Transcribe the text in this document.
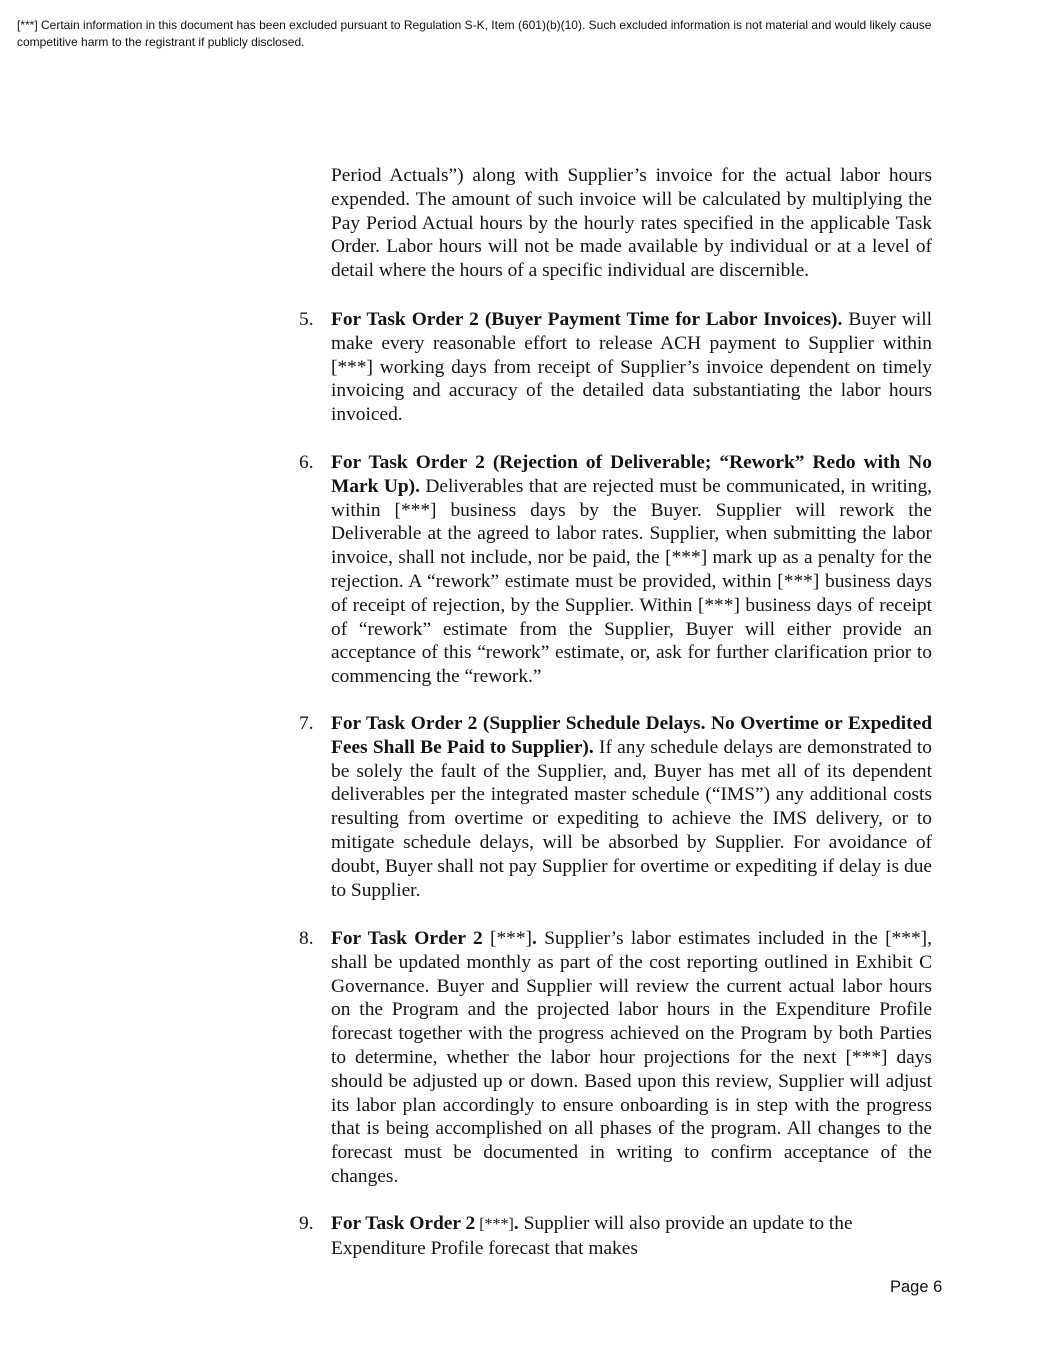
[***] Certain information in this document has been excluded pursuant to Regulation S-K, Item (601)(b)(10). Such excluded information is not material and would likely cause competitive harm to the registrant if publicly disclosed.

Period Actuals”) along with Supplier’s invoice for the actual labor hours expended. The amount of such invoice will be calculated by multiplying the Pay Period Actual hours by the hourly rates specified in the applicable Task Order. Labor hours will not be made available by individual or at a level of detail where the hours of a specific individual are discernible.

5. For Task Order 2 (Buyer Payment Time for Labor Invoices). Buyer will make every reasonable effort to release ACH payment to Supplier within [***] working days from receipt of Supplier’s invoice dependent on timely invoicing and accuracy of the detailed data substantiating the labor hours invoiced.

6. For Task Order 2 (Rejection of Deliverable; “Rework” Redo with No Mark Up). Deliverables that are rejected must be communicated, in writing, within [***] business days by the Buyer. Supplier will rework the Deliverable at the agreed to labor rates. Supplier, when submitting the labor invoice, shall not include, nor be paid, the [***] mark up as a penalty for the rejection. A “rework” estimate must be provided, within [***] business days of receipt of rejection, by the Supplier. Within [***] business days of receipt of “rework” estimate from the Supplier, Buyer will either provide an acceptance of this “rework” estimate, or, ask for further clarification prior to commencing the “rework.”

7. For Task Order 2 (Supplier Schedule Delays. No Overtime or Expedited Fees Shall Be Paid to Supplier). If any schedule delays are demonstrated to be solely the fault of the Supplier, and, Buyer has met all of its dependent deliverables per the integrated master schedule (“IMS”) any additional costs resulting from overtime or expediting to achieve the IMS delivery, or to mitigate schedule delays, will be absorbed by Supplier. For avoidance of doubt, Buyer shall not pay Supplier for overtime or expediting if delay is due to Supplier.

8. For Task Order 2 [***]. Supplier’s labor estimates included in the [***], shall be updated monthly as part of the cost reporting outlined in Exhibit C Governance. Buyer and Supplier will review the current actual labor hours on the Program and the projected labor hours in the Expenditure Profile forecast together with the progress achieved on the Program by both Parties to determine, whether the labor hour projections for the next [***] days should be adjusted up or down. Based upon this review, Supplier will adjust its labor plan accordingly to ensure onboarding is in step with the progress that is being accomplished on all phases of the program. All changes to the forecast must be documented in writing to confirm acceptance of the changes.

9. For Task Order 2 [***]. Supplier will also provide an update to the Expenditure Profile forecast that makes

Page 6
